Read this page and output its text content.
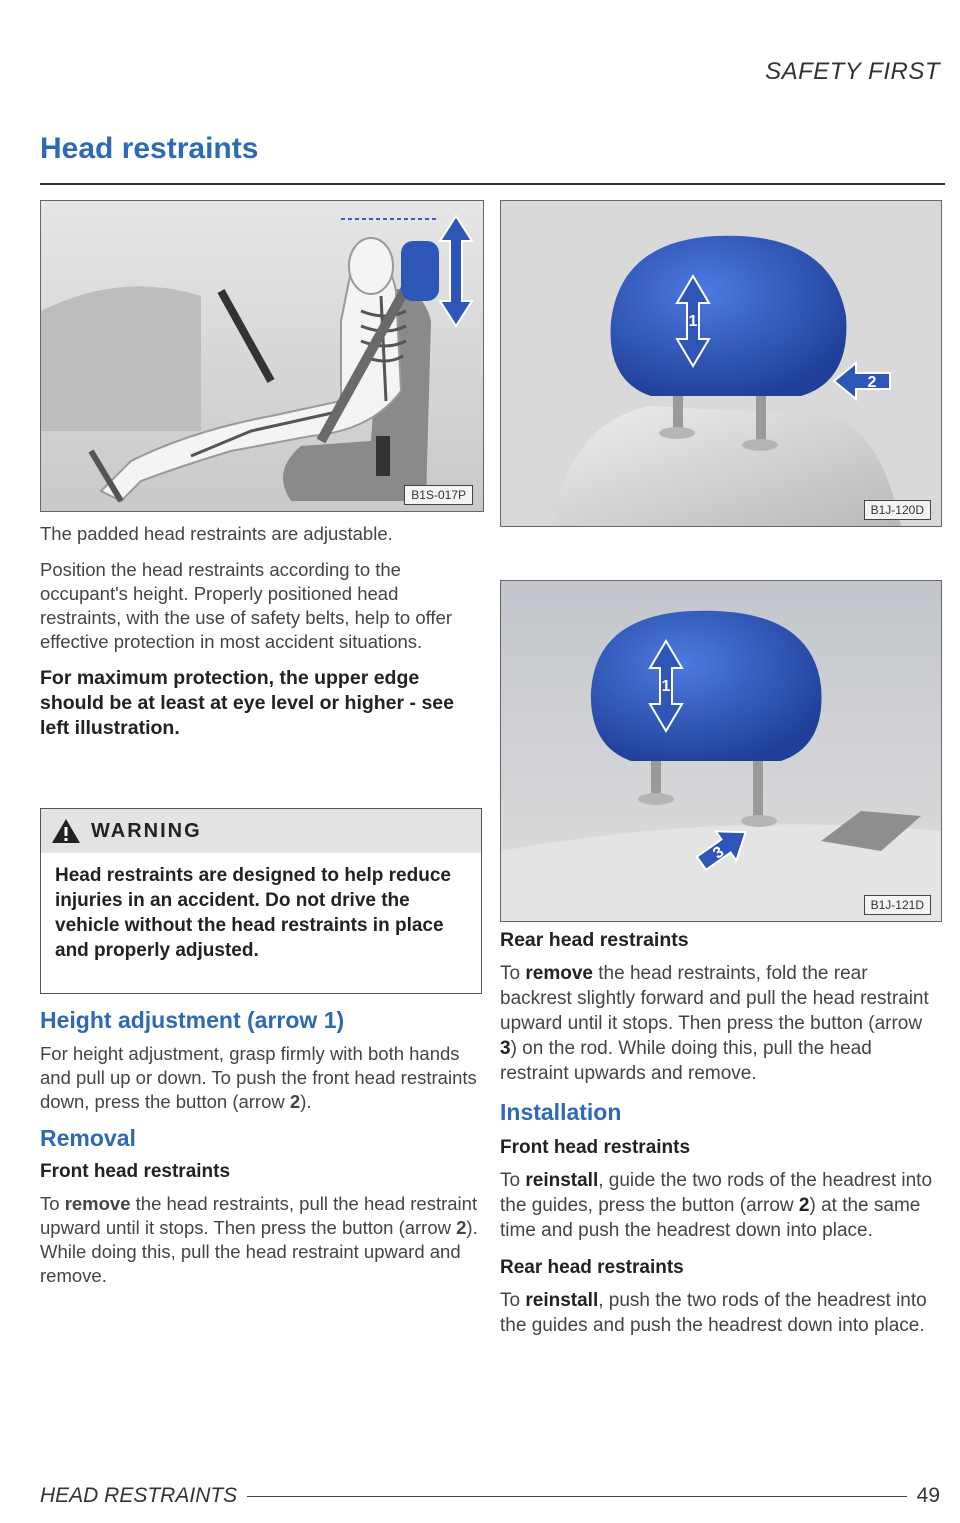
SAFETY FIRST
Head restraints
B1S-017P

The padded head restraints are adjustable.

Position the head restraints according to the occupant's height. Properly positioned head restraints, with the use of safety belts, help to offer effective protection in most accident situations.

For maximum protection, the upper edge should be at least at eye level or higher - see left illustration.

WARNING
Head restraints are designed to help reduce injuries in an accident. Do not drive the vehicle without the head restraints in place and properly adjusted.
Height adjustment (arrow 1)

For height adjustment, grasp firmly with both hands and pull up or down. To push the front head restraints down, press the button (arrow 2).

Removal
Front head restraints

To remove the head restraints, pull the head restraint upward until it stops. Then press the button (arrow 2). While doing this, pull the head restraint upward and remove.

1
2
B1J-120D
1
3
B1J-121D
Rear head restraints

To remove the head restraints, fold the rear backrest slightly forward and pull the head restraint upward until it stops. Then press the button (arrow 3) on the rod. While doing this, pull the head restraint upwards and remove.

Installation
Front head restraints

To reinstall, guide the two rods of the headrest into the guides, press the button (arrow 2) at the same time and push the headrest down into place.

Rear head restraints

To reinstall, push the two rods of the headrest into the guides and push the headrest down into place.

HEAD RESTRAINTS	49
